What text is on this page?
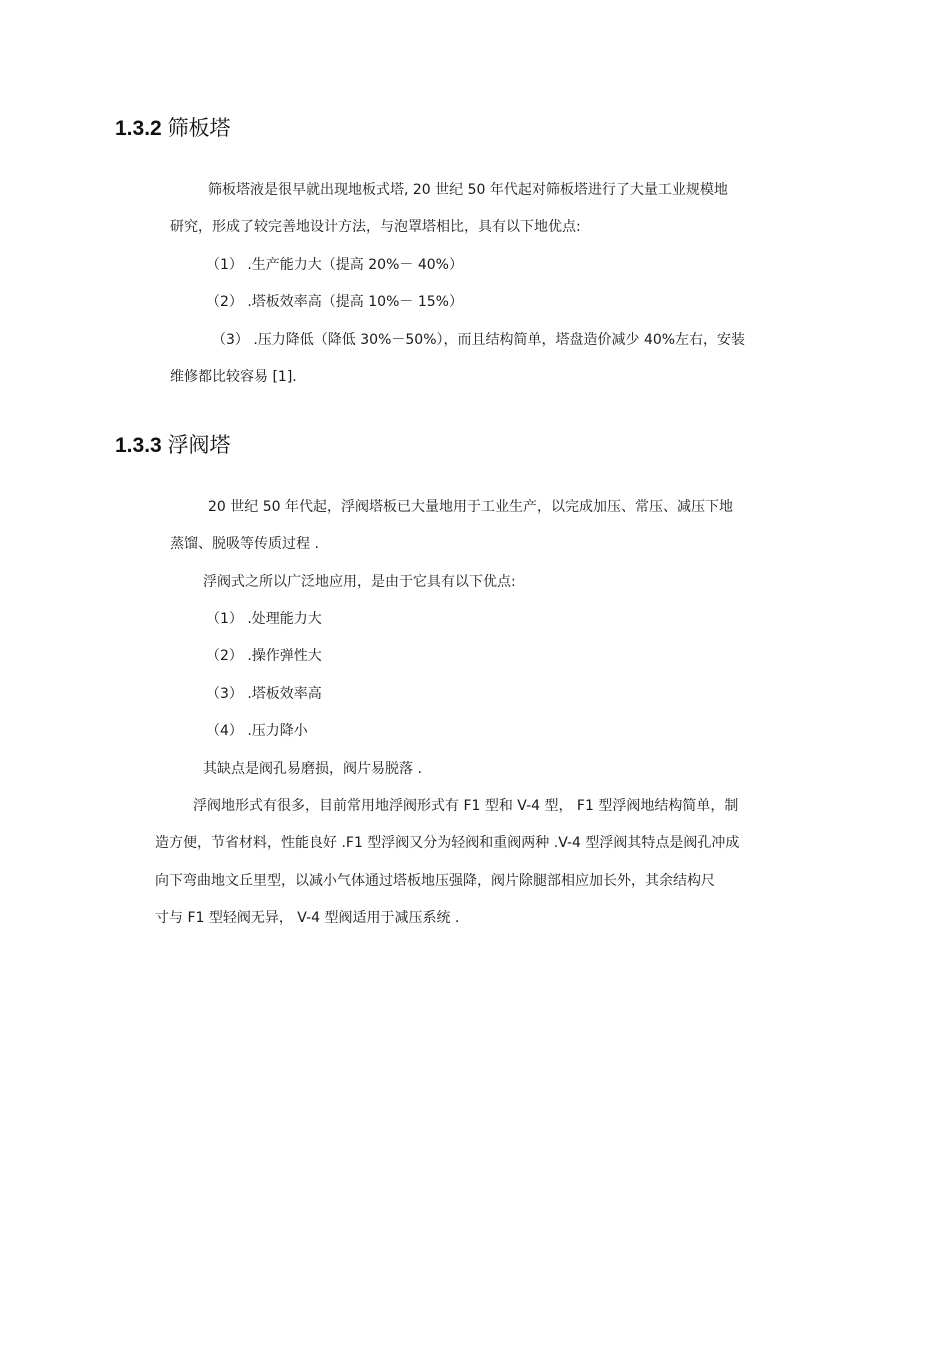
1.3.2 筛板塔
筛板塔液是很早就出现地板式塔, 20 世纪 50 年代起对筛板塔进行了大量工业规模地
研究，形成了较完善地设计方法，与泡罩塔相比，具有以下地优点:
（1） .生产能力大（提高 20%－ 40%）
（2） .塔板效率高（提高 10%－ 15%）
（3） .压力降低（降低 30%－50%），而且结构简单，塔盘造价减少 40%左右，安装
维修都比较容易 [1].
1.3.3 浮阀塔
20 世纪 50 年代起，浮阀塔板已大量地用于工业生产，以完成加压、常压、减压下地
蒸馏、脱吸等传质过程 .
浮阀式之所以广泛地应用，是由于它具有以下优点:
（1） .处理能力大
（2） .操作弹性大
（3） .塔板效率高
（4） .压力降小
其缺点是阀孔易磨损，阀片易脱落 .
浮阀地形式有很多，目前常用地浮阀形式有 F1 型和 V-4 型， F1 型浮阀地结构简单，制
造方便，节省材料，性能良好 .F1 型浮阀又分为轻阀和重阀两种 .V-4 型浮阀其特点是阀孔冲成
向下弯曲地文丘里型，以减小气体通过塔板地压强降，阀片除腿部相应加长外，其余结构尺
寸与 F1 型轻阀无异， V-4 型阀适用于减压系统 .
